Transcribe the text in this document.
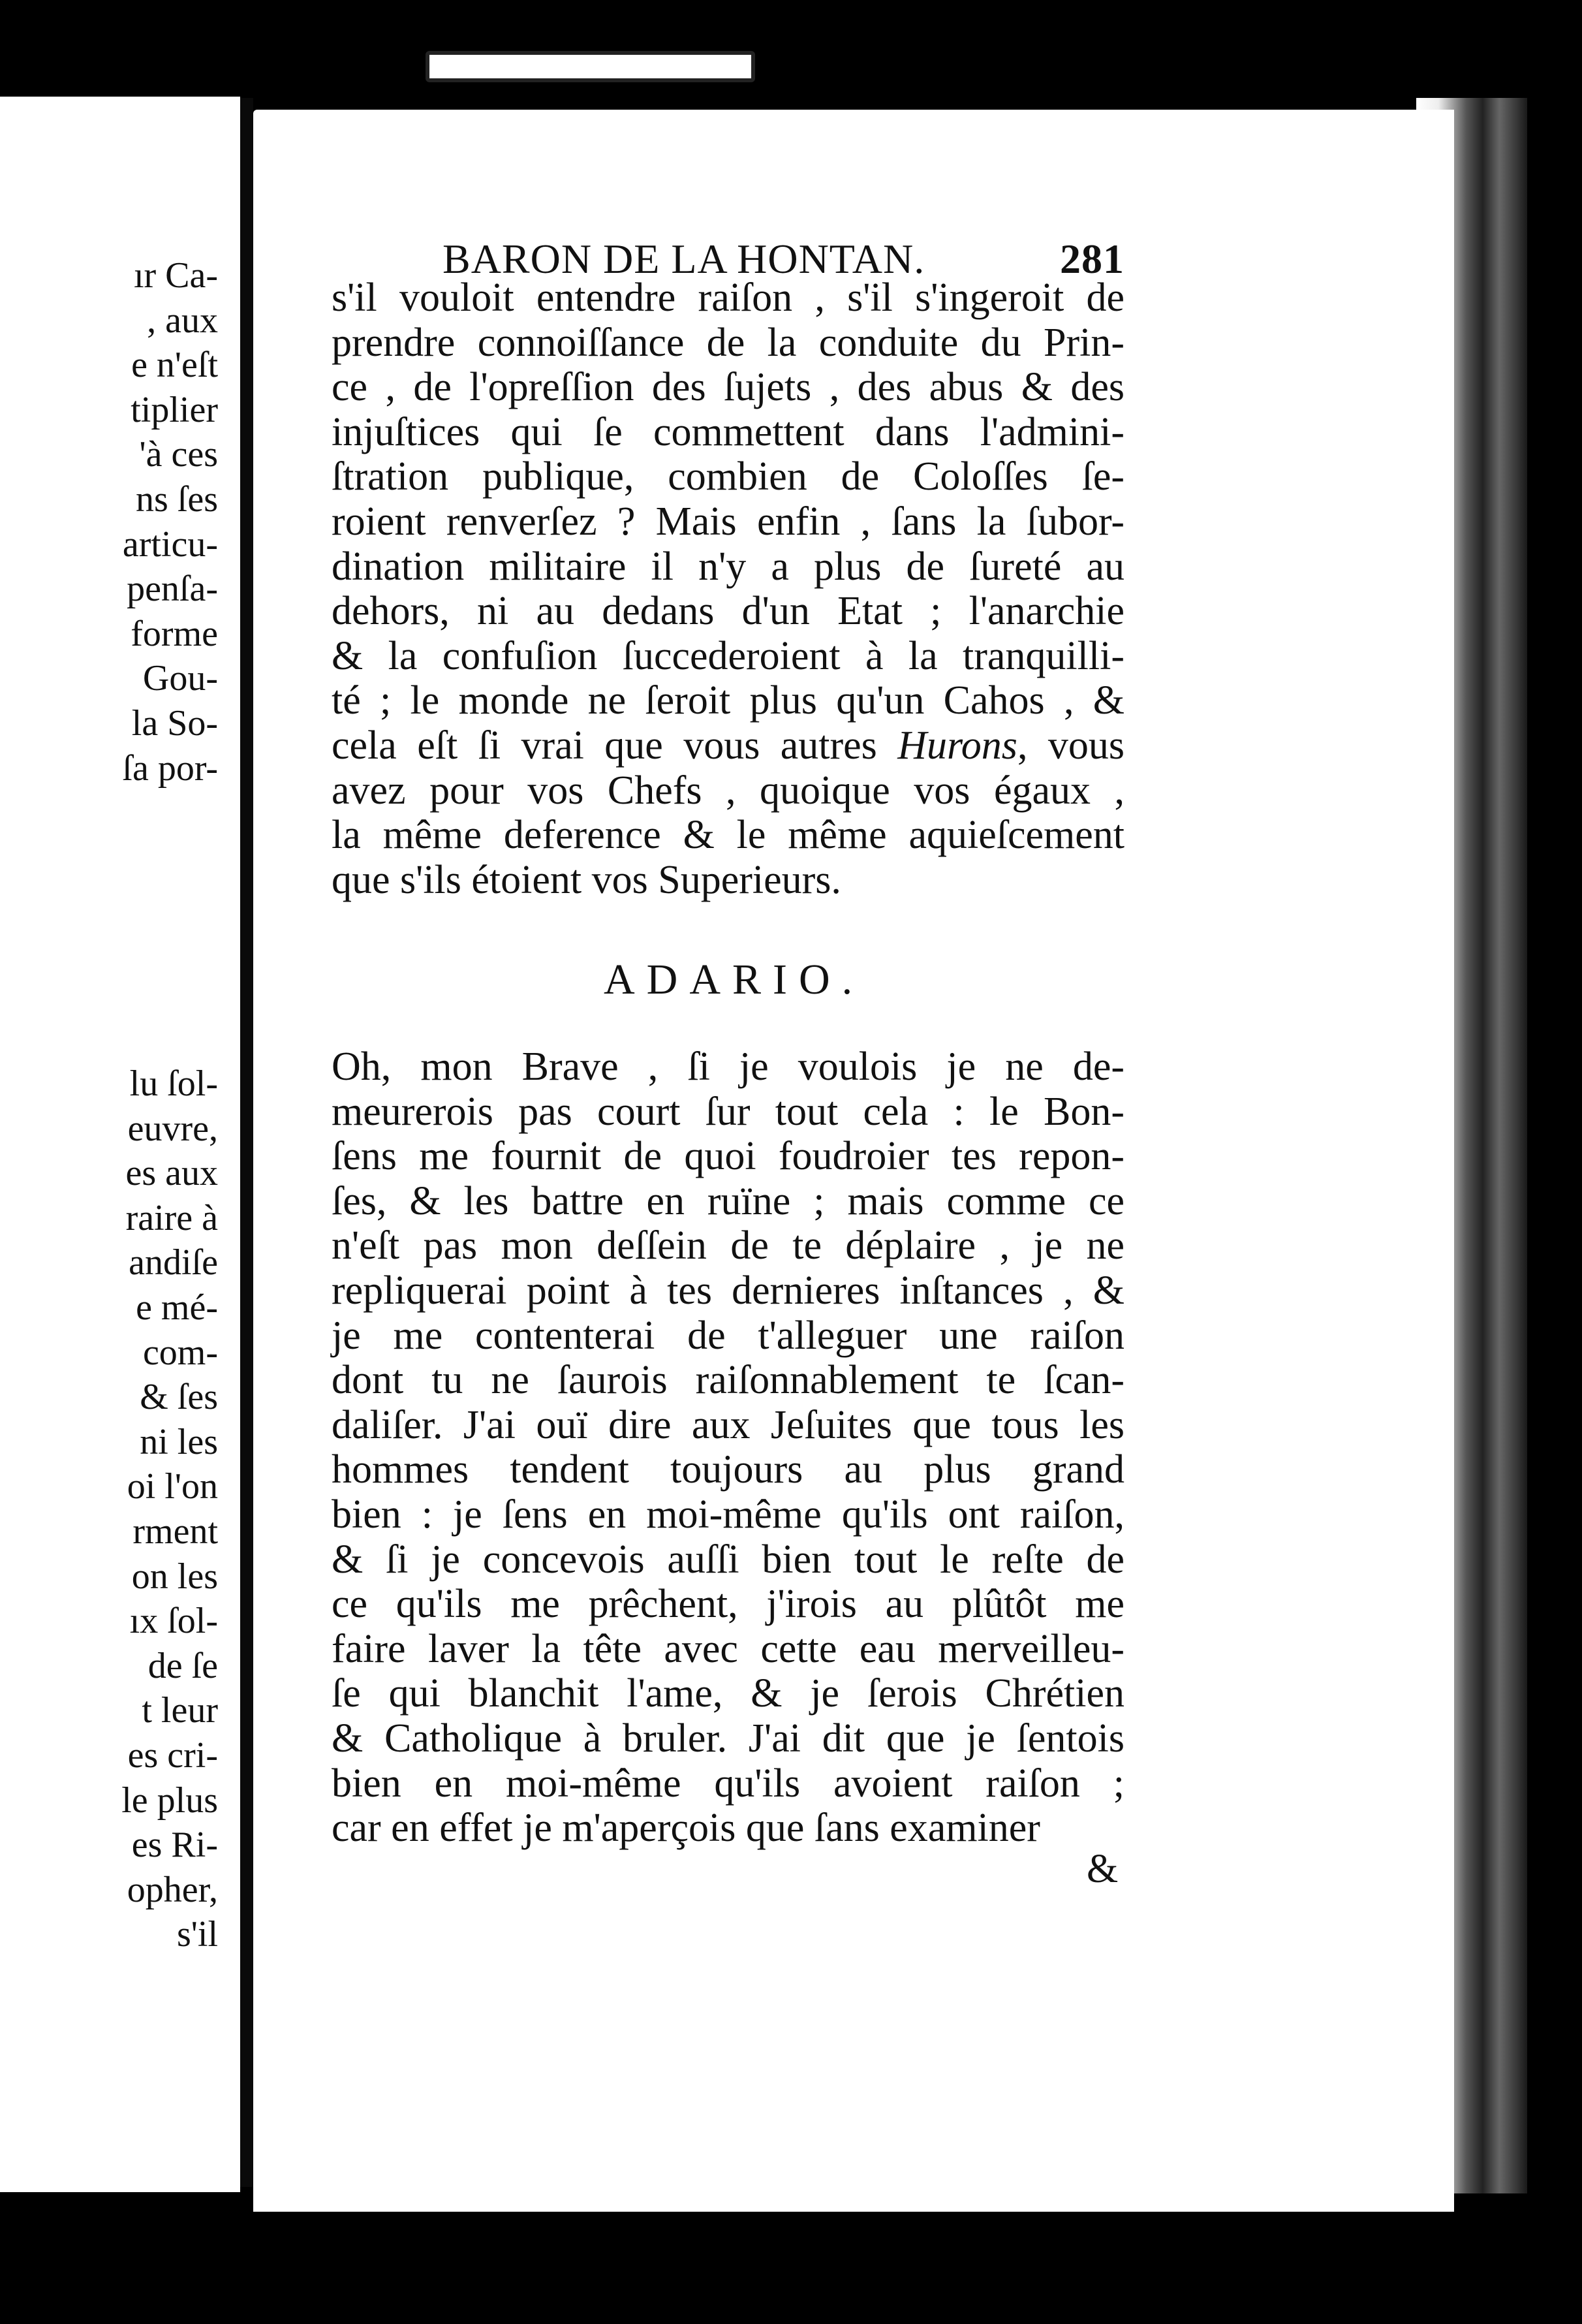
ır Ca-
, aux
e n'eſt
tiplier
'à ces
ns ſes
articu-
penſa-
forme
Gou-
la So-
ſa por-
lu ſol-
euvre,
es aux
raire à
andiſe
e mé-
com-
& ſes
ni les
oi l'on
rment
on les
ıx ſol-
de ſe
t leur
es cri-
le plus
es Ri-
opher,
s'il
BARON DE LA HONTAN.	281
s'il vouloit entendre raiſon , s'il s'ingeroit de
prendre connoiſſance de la conduite du Prin-
ce , de l'opreſſion des ſujets , des abus & des
injuſtices qui ſe commettent dans l'admini-
ſtration publique, combien de Coloſſes ſe-
roient renverſez ? Mais enfin , ſans la ſubor-
dination militaire il n'y a plus de ſureté au
dehors, ni au dedans d'un Etat ; l'anarchie
& la confuſion ſuccederoient à la tranquilli-
té ; le monde ne ſeroit plus qu'un Cahos , &
cela eſt ſi vrai que vous autres Hurons, vous
avez pour vos Chefs , quoique vos égaux ,
la même deference & le même aquieſcement
que s'ils étoient vos Superieurs.
ADARIO.
Oh, mon Brave , ſi je voulois je ne de-
meurerois pas court ſur tout cela : le Bon-
ſens me fournit de quoi foudroier tes repon-
ſes, & les battre en ruïne ; mais comme ce
n'eſt pas mon deſſein de te déplaire , je ne
repliquerai point à tes dernieres inſtances , &
je me contenterai de t'alleguer une raiſon
dont tu ne ſaurois raiſonnablement te ſcan-
daliſer. J'ai ouï dire aux Jeſuites que tous les
hommes tendent toujours au plus grand
bien : je ſens en moi-même qu'ils ont raiſon,
& ſi je concevois auſſi bien tout le reſte de
ce qu'ils me prêchent, j'irois au plûtôt me
faire laver la tête avec cette eau merveilleu-
ſe qui blanchit l'ame, & je ſerois Chrétien
& Catholique à bruler. J'ai dit que je ſentois
bien en moi-même qu'ils avoient raiſon ;
car en effet je m'aperçois que ſans examiner
&
